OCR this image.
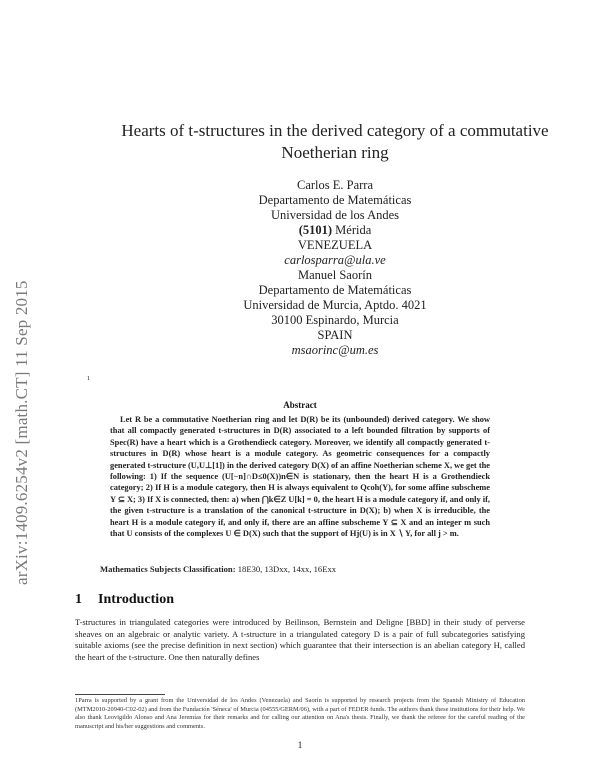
arXiv:1409.6254v2 [math.CT] 11 Sep 2015
Hearts of t-structures in the derived category of a commutative
Noetherian ring
Carlos E. Parra
Departamento de Matemáticas
Universidad de los Andes
(5101) Mérida
VENEZUELA
carlosparra@ula.ve
Manuel Saorín
Departamento de Matemáticas
Universidad de Murcia, Aptdo. 4021
30100 Espinardo, Murcia
SPAIN
msaorinc@um.es
1
Abstract
Let R be a commutative Noetherian ring and let D(R) be its (unbounded) derived category. We show that all compactly generated t-structures in D(R) associated to a left bounded filtration by supports of Spec(R) have a heart which is a Grothendieck category. Moreover, we identify all compactly generated t-structures in D(R) whose heart is a module category. As geometric consequences for a compactly generated t-structure (U,U⊥[1]) in the derived category D(X) of an affine Noetherian scheme X, we get the following: 1) If the sequence (U[−n]∩D≤0(X))n∈N is stationary, then the heart H is a Grothendieck category; 2) If H is a module category, then H is always equivalent to Qcoh(Y), for some affine subscheme Y ⊆ X; 3) If X is connected, then: a) when ⋂k∈Z U[k] = 0, the heart H is a module category if, and only if, the given t-structure is a translation of the canonical t-structure in D(X); b) when X is irreducible, the heart H is a module category if, and only if, there are an affine subscheme Y ⊆ X and an integer m such that U consists of the complexes U ∈ D(X) such that the support of Hj(U) is in X ∖ Y, for all j > m.
Mathematics Subjects Classification: 18E30, 13Dxx, 14xx, 16Exx
1 Introduction
T-structures in triangulated categories were introduced by Beilinson, Bernstein and Deligne [BBD] in their study of perverse sheaves on an algebraic or analytic variety. A t-structure in a triangulated category D is a pair of full subcategories satisfying suitable axioms (see the precise definition in next section) which guarantee that their intersection is an abelian category H, called the heart of the t-structure. One then naturally defines
1Parra is supported by a grant from the Universidad de los Andes (Venezuela) and Saorín is supported by research projects from the Spanish Ministry of Education (MTM2010-20940-C02-02) and from the Fundación 'Séneca' of Murcia (04555/GERM/06), with a part of FEDER funds. The authors thank these institutions for their help. We also thank Leovigildo Alonso and Ana Jeremías for their remarks and for calling our attention on Ana's thesis. Finally, we thank the referee for the careful reading of the manuscript and his/her suggestions and comments.
1
